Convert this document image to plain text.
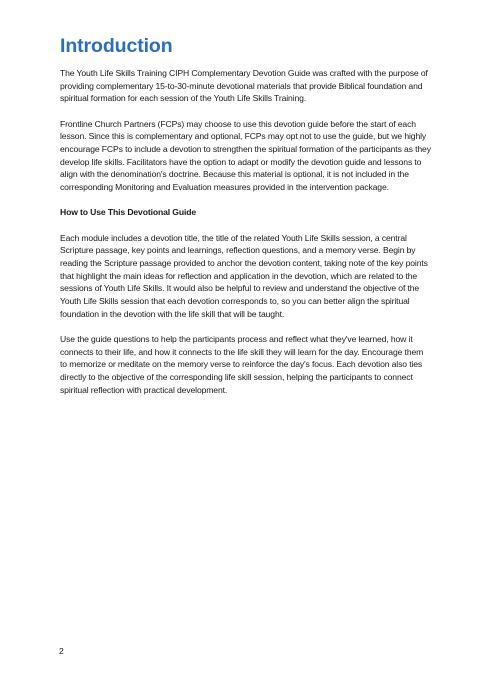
Introduction

The Youth Life Skills Training CIPH Complementary Devotion Guide was crafted with the purpose of providing complementary 15-to-30-minute devotional materials that provide Biblical foundation and spiritual formation for each session of the Youth Life Skills Training.

Frontline Church Partners (FCPs) may choose to use this devotion guide before the start of each lesson. Since this is complementary and optional, FCPs may opt not to use the guide, but we highly encourage FCPs to include a devotion to strengthen the spiritual formation of the participants as they develop life skills. Facilitators have the option to adapt or modify the devotion guide and lessons to align with the denomination's doctrine. Because this material is optional, it is not included in the corresponding Monitoring and Evaluation measures provided in the intervention package.

How to Use This Devotional Guide

Each module includes a devotion title, the title of the related Youth Life Skills session, a central Scripture passage, key points and learnings, reflection questions, and a memory verse. Begin by reading the Scripture passage provided to anchor the devotion content, taking note of the key points that highlight the main ideas for reflection and application in the devotion, which are related to the sessions of Youth Life Skills. It would also be helpful to review and understand the objective of the Youth Life Skills session that each devotion corresponds to, so you can better align the spiritual foundation in the devotion with the life skill that will be taught.

Use the guide questions to help the participants process and reflect what they've learned, how it connects to their life, and how it connects to the life skill they will learn for the day. Encourage them to memorize or meditate on the memory verse to reinforce the day's focus. Each devotion also ties directly to the objective of the corresponding life skill session, helping the participants to connect spiritual reflection with practical development.

2
